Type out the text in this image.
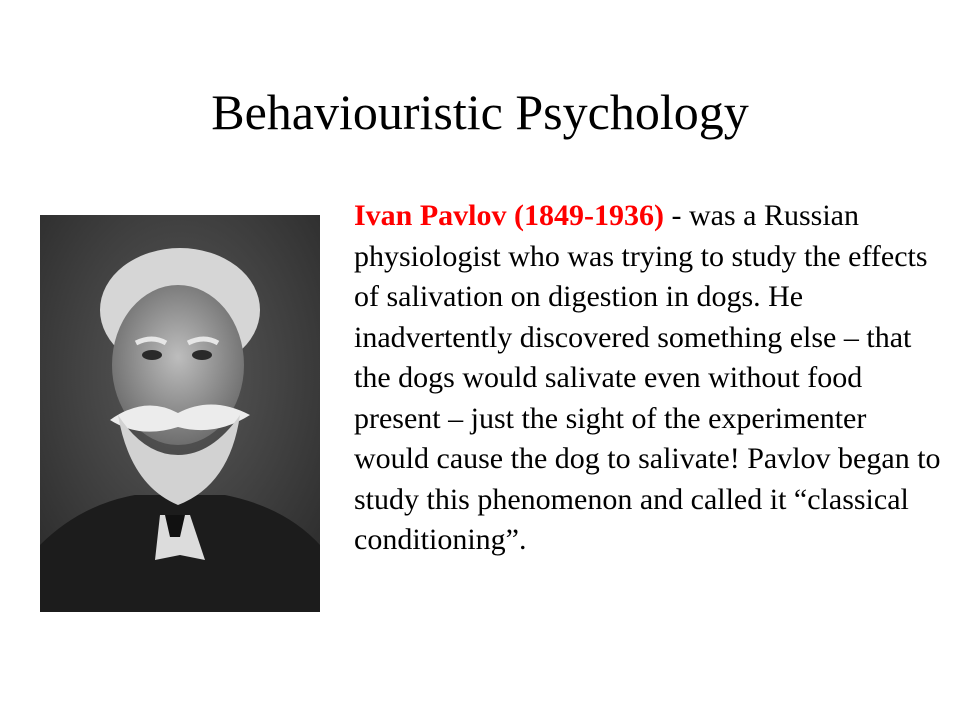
Behaviouristic Psychology
Ivan Pavlov (1849-1936) - was a Russian physiologist who was trying to study the effects of salivation on digestion in dogs. He inadvertently discovered something else – that the dogs would salivate even without food present – just the sight of the experimenter would cause the dog to salivate! Pavlov began to study this phenomenon and called it “classical conditioning”.
